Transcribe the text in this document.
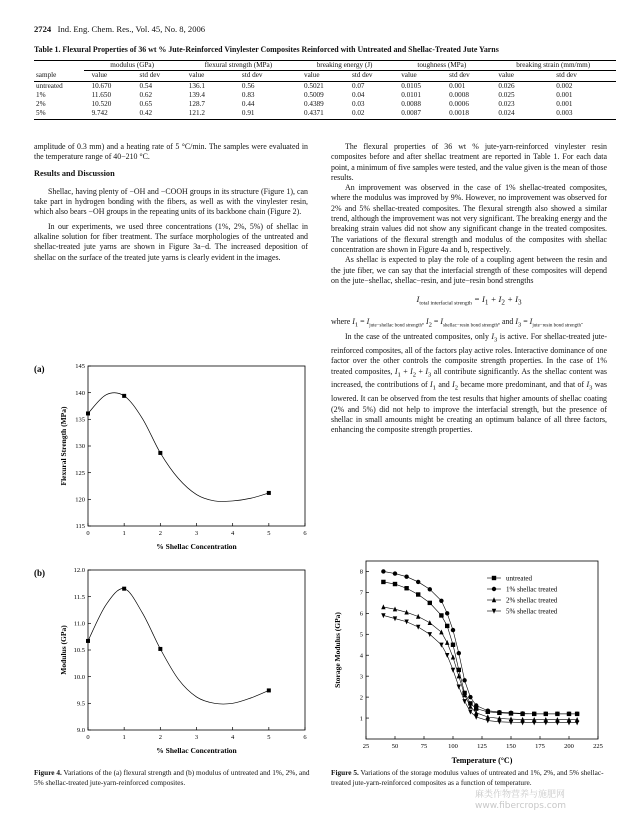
2724 Ind. Eng. Chem. Res., Vol. 45, No. 8, 2006
Table 1. Flexural Properties of 36 wt % Jute-Reinforced Vinylester Composites Reinforced with Untreated and Shellac-Treated Jute Yarns
	modulus (GPa)		flexural strength (MPa)		breaking energy (J)		toughness (MPa)		breaking strain (mm/mm)	
sample	value	std dev	value	std dev	value	std dev	value	std dev	value	std dev
untreated	10.670	0.54	136.1	0.56	0.5021	0.07	0.0105	0.001	0.026	0.002
1%	11.650	0.62	139.4	0.83	0.5009	0.04	0.0101	0.0008	0.025	0.001
2%	10.520	0.65	128.7	0.44	0.4389	0.03	0.0088	0.0006	0.023	0.001
5%	9.742	0.42	121.2	0.91	0.4371	0.02	0.0087	0.0018	0.024	0.003

amplitude of 0.3 mm) and a heating rate of 5 °C/min. The samples were evaluated in the temperature range of 40−210 °C.

Results and Discussion

Shellac, having plenty of −OH and −COOH groups in its structure (Figure 1), can take part in hydrogen bonding with the fibers, as well as with the vinylester resin, which also bears −OH groups in the repeating units of its backbone chain (Figure 2).

In our experiments, we used three concentrations (1%, 2%, 5%) of shellac in alkaline solution for fiber treatment. The surface morphologies of the untreated and shellac-treated jute yarns are shown in Figure 3a−d. The increased deposition of shellac on the surface of the treated jute yarns is clearly evident in the images.

The flexural properties of 36 wt % jute-yarn-reinforced vinylester resin composites before and after shellac treatment are reported in Table 1. For each data point, a minimum of five samples were tested, and the value given is the mean of those results.

An improvement was observed in the case of 1% shellac-treated composites, where the modulus was improved by 9%. However, no improvement was observed for 2% and 5% shellac-treated composites. The flexural strength also showed a similar trend, although the improvement was not very significant. The breaking energy and the breaking strain values did not show any significant change in the treated composites. The variations of the flexural strength and modulus of the composites with shellac concentration are shown in Figure 4a and b, respectively.

As shellac is expected to play the role of a coupling agent between the resin and the jute fiber, we can say that the interfacial strength of these composites will depend on the jute−shellac, shellac−resin, and jute−resin bond strengths

$I_{total interfacial strength} = I_1 + I_2 + I_3$

where $I_1 = I_{jute-shellac bond strength}$, $I_2 = I_{shellac-resin bond strength}$, and $I_3 = I_{jute-resin bond strength}$.

In the case of the untreated composites, only $I_3$ is active. For shellac-treated jute-reinforced composites, all of the factors play active roles. Interactive dominance of one factor over the other controls the composite strength properties. In the case of 1% treated composites, $I_1 + I_2 + I_3$ all contribute significantly. As the shellac content was increased, the contributions of $I_1$ and $I_2$ became more predominant, and that of $I_3$ was lowered. It can be observed from the test results that higher amounts of shellac coating (2% and 5%) did not help to improve the interfacial strength, but the presence of shellac in small amounts might be creating an optimum balance of all three factors, enhancing the composite strength properties.

(a)
0	1	2	3	4	5	6
115
120
125
130
135
140
145
% Shellac Concentration
Flexural Strength (MPa)
(b)
0	1	2	3	4	5	6
9.0
9.5
10.0
10.5
11.0
11.5
12.0
% Shellac Concentration
Modulus (GPa)
Figure 4. Variations of the (a) flexural strength and (b) modulus of untreated and 1%, 2%, and 5% shellac-treated jute-yarn-reinforced composites.
25	50	75	100	125	150	175	200	225
1
2
3
4
5
6
7
8
Temperature (°C)
Storage Modulus (GPa)
untreated
1% shellac treated
2% shellac treated
5% shellac treated
Figure 5. Variations of the storage modulus values of untreated and 1%, 2%, and 5% shellac-treated jute-yarn-reinforced composites as a function of temperature.
麻类作物营养与施肥网
www.fibercrops.com
